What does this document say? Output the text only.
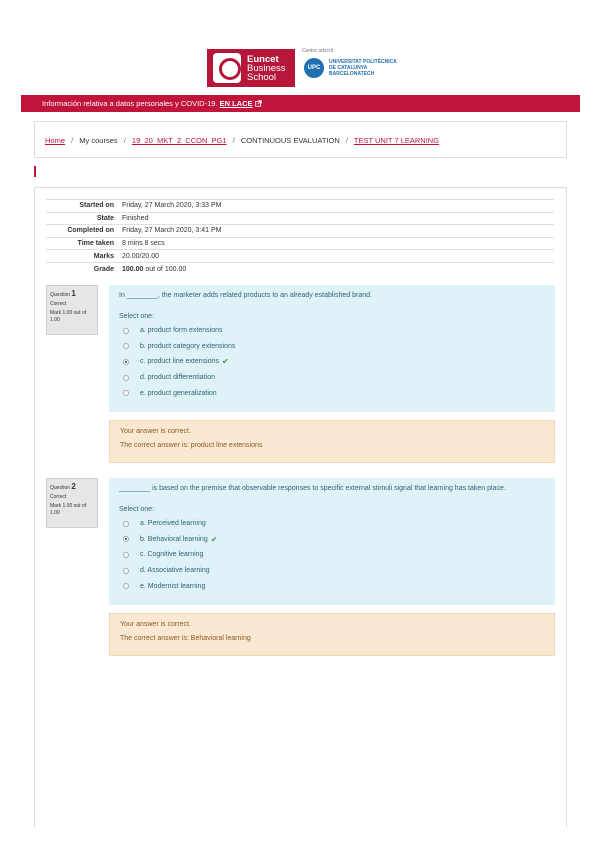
Euncet
Business
School
Centre adscrit
UPC
UNIVERSITAT POLITÈCNICA
DE CATALUNYA
BARCELONATECH
Información relativa a datos personales y COVID-19. EN LACE
Home / My courses / 19_20_MKT_2_CCON_PG1 / CONTINUOUS EVALUATION / TEST UNIT 7 LEARNING
Started on	Friday, 27 March 2020, 3:33 PM
State	Finished
Completed on	Friday, 27 March 2020, 3:41 PM
Time taken	8 mins 8 secs
Marks	20.00/20.00
Grade	100.00 out of 100.00
Question 1
Correct
Mark 1.00 out of 1.00
In ________, the marketer adds related products to an already established brand.
Select one:
a. product form extensions
b. product category extensions
c. product line extensions ✔
d. product differentiation
e. product generalization
Your answer is correct.
The correct answer is: product line extensions
Question 2
Correct
Mark 1.00 out of 1.00
________ is based on the premise that observable responses to specific external stimuli signal that learning has taken place.
Select one:
a. Perceived learning
b. Behavioral learning ✔
c. Cognitive learning
d. Associative learning
e. Modernist learning
Your answer is correct.
The correct answer is: Behavioral learning
